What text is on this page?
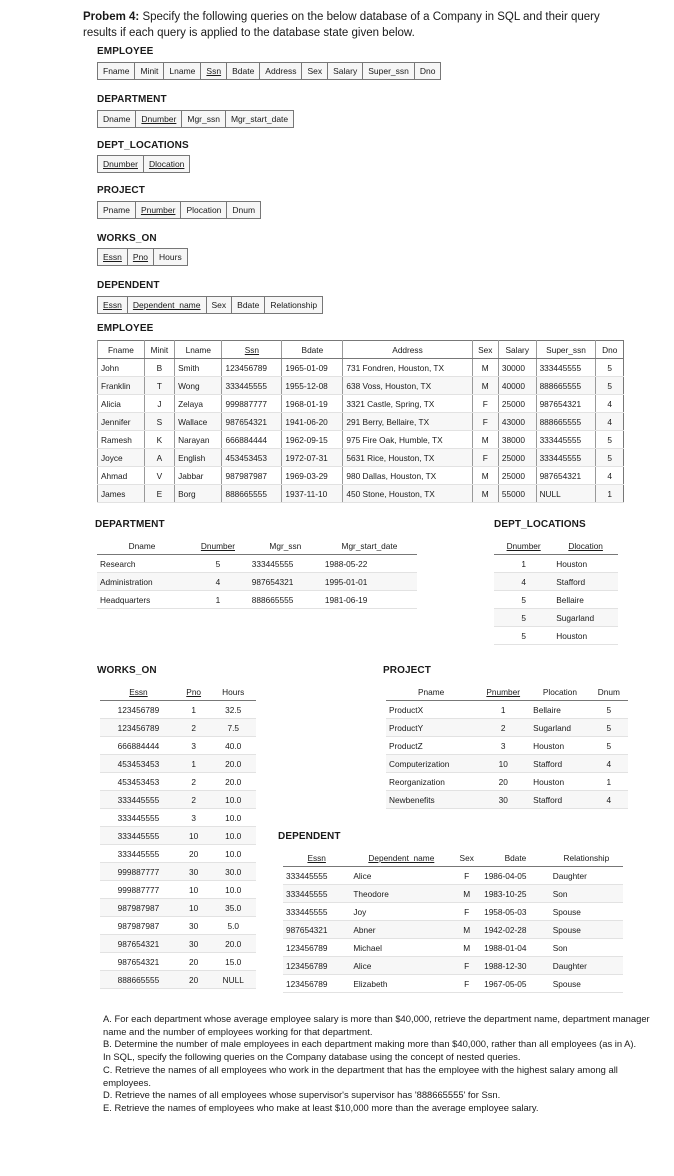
Probem 4: Specify the following queries on the below database of a Company in SQL and their query results if each query is applied to the database state given below.
EMPLOYEE
Fname	Minit	Lname	Ssn	Bdate	Address	Sex	Salary	Super_ssn	Dno
DEPARTMENT
Dname	Dnumber	Mgr_ssn	Mgr_start_date
DEPT_LOCATIONS
Dnumber	Dlocation
PROJECT
Pname	Pnumber	Plocation	Dnum
WORKS_ON
Essn	Pno	Hours
DEPENDENT
Essn	Dependent_name	Sex	Bdate	Relationship
EMPLOYEE
Fname	Minit	Lname	Ssn	Bdate	Address	Sex	Salary	Super_ssn	Dno
John	B	Smith	123456789	1965-01-09	731 Fondren, Houston, TX	M	30000	333445555	5
Franklin	T	Wong	333445555	1955-12-08	638 Voss, Houston, TX	M	40000	888665555	5
Alicia	J	Zelaya	999887777	1968-01-19	3321 Castle, Spring, TX	F	25000	987654321	4
Jennifer	S	Wallace	987654321	1941-06-20	291 Berry, Bellaire, TX	F	43000	888665555	4
Ramesh	K	Narayan	666884444	1962-09-15	975 Fire Oak, Humble, TX	M	38000	333445555	5
Joyce	A	English	453453453	1972-07-31	5631 Rice, Houston, TX	F	25000	333445555	5
Ahmad	V	Jabbar	987987987	1969-03-29	980 Dallas, Houston, TX	M	25000	987654321	4
James	E	Borg	888665555	1937-11-10	450 Stone, Houston, TX	M	55000	NULL	1
DEPARTMENT
Dname	Dnumber	Mgr_ssn	Mgr_start_date
Research	5	333445555	1988-05-22
Administration	4	987654321	1995-01-01
Headquarters	1	888665555	1981-06-19
DEPT_LOCATIONS
Dnumber	Dlocation
1	Houston
4	Stafford
5	Bellaire
5	Sugarland
5	Houston
WORKS_ON
Essn	Pno	Hours
123456789	1	32.5
123456789	2	7.5
666884444	3	40.0
453453453	1	20.0
453453453	2	20.0
333445555	2	10.0
333445555	3	10.0
333445555	10	10.0
333445555	20	10.0
999887777	30	30.0
999887777	10	10.0
987987987	10	35.0
987987987	30	5.0
987654321	30	20.0
987654321	20	15.0
888665555	20	NULL
PROJECT
Pname	Pnumber	Plocation	Dnum
ProductX	1	Bellaire	5
ProductY	2	Sugarland	5
ProductZ	3	Houston	5
Computerization	10	Stafford	4
Reorganization	20	Houston	1
Newbenefits	30	Stafford	4
DEPENDENT
Essn	Dependent_name	Sex	Bdate	Relationship
333445555	Alice	F	1986-04-05	Daughter
333445555	Theodore	M	1983-10-25	Son
333445555	Joy	F	1958-05-03	Spouse
987654321	Abner	M	1942-02-28	Spouse
123456789	Michael	M	1988-01-04	Son
123456789	Alice	F	1988-12-30	Daughter
123456789	Elizabeth	F	1967-05-05	Spouse

A. For each department whose average employee salary is more than $40,000, retrieve the department name, department manager name and the number of employees working for that department.

B. Determine the number of male employees in each department making more than $40,000, rather than all employees (as in A).

In SQL, specify the following queries on the Company database using the concept of nested queries.

C. Retrieve the names of all employees who work in the department that has the employee with the highest salary among all employees.

D. Retrieve the names of all employees whose supervisor's supervisor has '888665555' for Ssn.

E. Retrieve the names of employees who make at least $10,000 more than the average employee salary.
